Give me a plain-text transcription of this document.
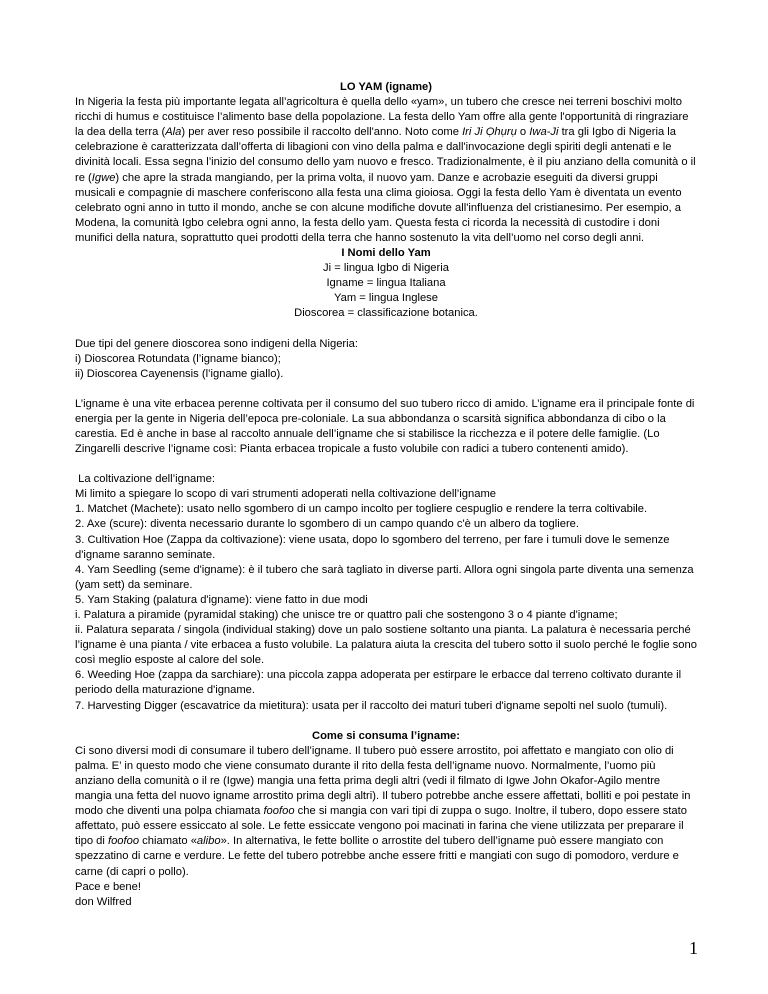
LO YAM (igname)

In Nigeria la festa più importante legata all’agricoltura è quella dello «yam», un tubero che cresce nei terreni boschivi molto ricchi di humus e costituisce l’alimento base della popolazione. La festa dello Yam offre alla gente l'opportunità di ringraziare la dea della terra (Ala) per aver reso possibile il raccolto dell'anno. Noto come Iri Ji Ọhụrụ o Iwa-Ji tra gli Igbo di Nigeria la celebrazione è caratterizzata dall’offerta di libagioni con vino della palma e dall'invocazione degli spiriti degli antenati e le divinità locali. Essa segna l’inizio del consumo dello yam nuovo e fresco. Tradizionalmente, è il piu anziano della comunità o il re (Igwe) che apre la strada mangiando, per la prima volta, il nuovo yam. Danze e acrobazie eseguiti da diversi gruppi musicali e compagnie di maschere conferiscono alla festa una clima gioiosa. Oggi la festa dello Yam è diventata un evento celebrato ogni anno in tutto il mondo, anche se con alcune modifiche dovute all'influenza del cristianesimo. Per esempio, a Modena, la comunità Igbo celebra ogni anno, la festa dello yam. Questa festa ci ricorda la necessità di custodire i doni munifici della natura, soprattutto quei prodotti della terra che hanno sostenuto la vita dell’uomo nel corso degli anni.

I Nomi dello Yam

Ji = lingua Igbo di Nigeria

Igname = lingua Italiana

Yam = lingua Inglese

Dioscorea = classificazione botanica.

Due tipi del genere dioscorea sono indigeni della Nigeria:

i) Dioscorea Rotundata (l’igname bianco);

ii) Dioscorea Cayenensis (l’igname giallo).

L’igname è una vite erbacea perenne coltivata per il consumo del suo tubero ricco di amido. L’igname era il principale fonte di energia per la gente in Nigeria dell’epoca pre-coloniale. La sua abbondanza o scarsità significa abbondanza di cibo o la carestia. Ed è anche in base al raccolto annuale dell’igname che si stabilisce la ricchezza e il potere delle famiglie. (Lo Zingarelli descrive l’igname così: Pianta erbacea tropicale a fusto volubile con radici a tubero contenenti amido).

La coltivazione dell’igname:

Mi limito a spiegare lo scopo di vari strumenti adoperati nella coltivazione dell’igname

1. Matchet (Machete): usato nello sgombero di un campo incolto per togliere cespuglio e rendere la terra coltivabile.

2. Axe (scure): diventa necessario durante lo sgombero di un campo quando c'è un albero da togliere.

3. Cultivation Hoe (Zappa da coltivazione): viene usata, dopo lo sgombero del terreno, per fare i tumuli dove le semenze d'igname saranno seminate.

4. Yam Seedling (seme d'igname): è il tubero che sarà tagliato in diverse parti. Allora ogni singola parte diventa una semenza (yam sett) da seminare.

5. Yam Staking (palatura d'igname): viene fatto in due modi

i. Palatura a piramide (pyramidal staking) che unisce tre or quattro pali che sostengono 3 o 4 piante d'igname;

ii. Palatura separata / singola (individual staking) dove un palo sostiene soltanto una pianta. La palatura è necessaria perché l’igname è una pianta / vite erbacea a fusto volubile. La palatura aiuta la crescita del tubero sotto il suolo perché le foglie sono così meglio esposte al calore del sole.

6. Weeding Hoe (zappa da sarchiare): una piccola zappa adoperata per estirpare le erbacce dal terreno coltivato durante il periodo della maturazione d'igname.

7. Harvesting Digger (escavatrice da mietitura): usata per il raccolto dei maturi tuberi d'igname sepolti nel suolo (tumuli).

Come si consuma l’igname:

Ci sono diversi modi di consumare il tubero dell’igname. Il tubero può essere arrostito, poi affettato e mangiato con olio di palma. E’ in questo modo che viene consumato durante il rito della festa dell’igname nuovo. Normalmente, l’uomo più anziano della comunità o il re (Igwe) mangia una fetta prima degli altri (vedi il filmato di Igwe John Okafor-Agilo mentre mangia una fetta del nuovo igname arrostito prima degli altri). Il tubero potrebbe anche essere affettati, bolliti e poi pestate in modo che diventi una polpa chiamata foofoo che si mangia con vari tipi di zuppa o sugo. Inoltre, il tubero, dopo essere stato affettato, può essere essiccato al sole. Le fette essiccate vengono poi macinati in farina che viene utilizzata per preparare il tipo di foofoo chiamato «alibo». In alternativa, le fette bollite o arrostite del tubero dell’igname può essere mangiato con spezzatino di carne e verdure. Le fette del tubero potrebbe anche essere fritti e mangiati con sugo di pomodoro, verdure e carne (di capri o pollo).

Pace e bene!

don Wilfred

1
